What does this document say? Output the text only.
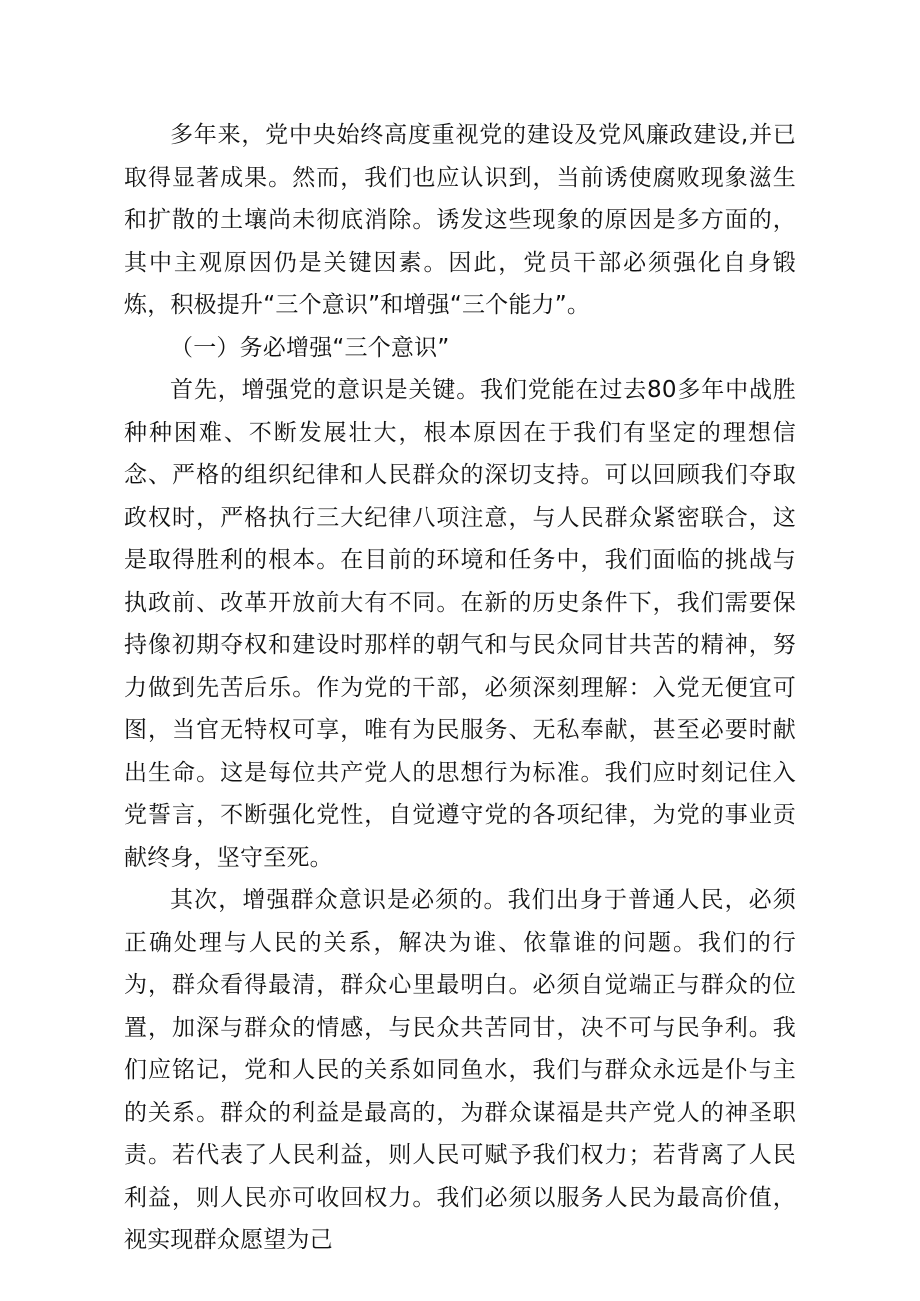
多年来，党中央始终高度重视党的建设及党风廉政建设,并已取得显著成果。然而，我们也应认识到，当前诱使腐败现象滋生和扩散的土壤尚未彻底消除。诱发这些现象的原因是多方面的，其中主观原因仍是关键因素。因此，党员干部必须强化自身锻炼，积极提升“三个意识”和增强“三个能力”。

（一）务必增强“三个意识”

首先，增强党的意识是关键。我们党能在过去80多年中战胜种种困难、不断发展壮大，根本原因在于我们有坚定的理想信念、严格的组织纪律和人民群众的深切支持。可以回顾我们夺取政权时，严格执行三大纪律八项注意，与人民群众紧密联合，这是取得胜利的根本。在目前的环境和任务中，我们面临的挑战与执政前、改革开放前大有不同。在新的历史条件下，我们需要保持像初期夺权和建设时那样的朝气和与民众同甘共苦的精神，努力做到先苦后乐。作为党的干部，必须深刻理解：入党无便宜可图，当官无特权可享，唯有为民服务、无私奉献，甚至必要时献出生命。这是每位共产党人的思想行为标准。我们应时刻记住入党誓言，不断强化党性，自觉遵守党的各项纪律，为党的事业贡献终身，坚守至死。

其次，增强群众意识是必须的。我们出身于普通人民，必须正确处理与人民的关系，解决为谁、依靠谁的问题。我们的行为，群众看得最清，群众心里最明白。必须自觉端正与群众的位置，加深与群众的情感，与民众共苦同甘，决不可与民争利。我们应铭记，党和人民的关系如同鱼水，我们与群众永远是仆与主的关系。群众的利益是最高的，为群众谋福是共产党人的神圣职责。若代表了人民利益，则人民可赋予我们权力；若背离了人民利益，则人民亦可收回权力。我们必须以服务人民为最高价值，视实现群众愿望为己
